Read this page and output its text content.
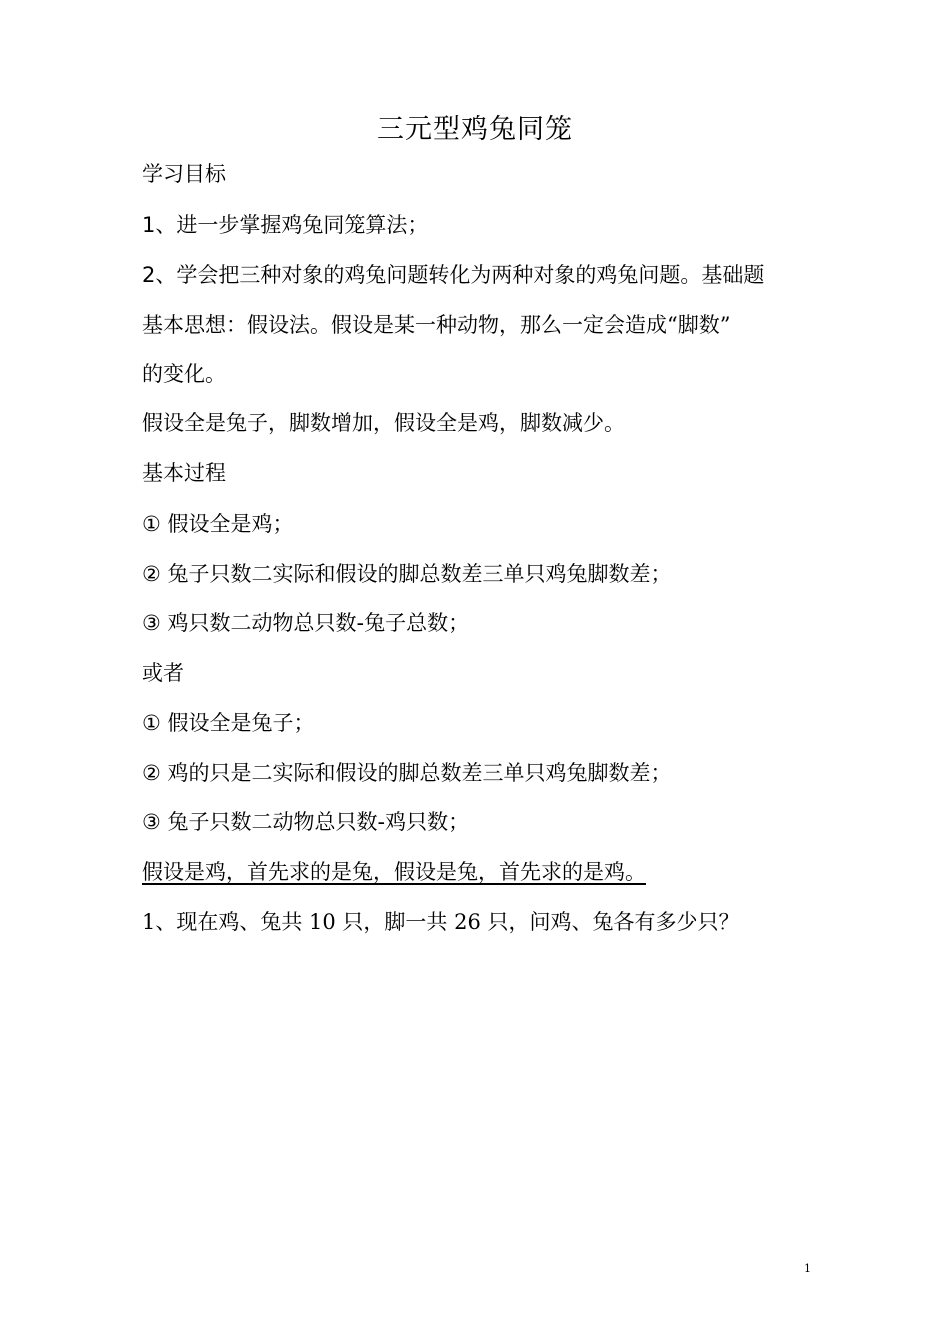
三元型鸡兔同笼
学习目标
1、进一步掌握鸡兔同笼算法；
2、学会把三种对象的鸡兔问题转化为两种对象的鸡兔问题。基础题
基本思想：假设法。假设是某一种动物，那么一定会造成“脚数”
的变化。
假设全是兔子，脚数增加，假设全是鸡，脚数减少。
基本过程
① 假设全是鸡；
② 兔子只数二实际和假设的脚总数差三单只鸡兔脚数差；
③ 鸡只数二动物总只数-兔子总数；
或者
① 假设全是兔子；
② 鸡的只是二实际和假设的脚总数差三单只鸡兔脚数差；
③ 兔子只数二动物总只数-鸡只数；
假设是鸡，首先求的是兔，假设是兔，首先求的是鸡。
1、现在鸡、兔共 10 只，脚一共 26 只，问鸡、兔各有多少只？
1
